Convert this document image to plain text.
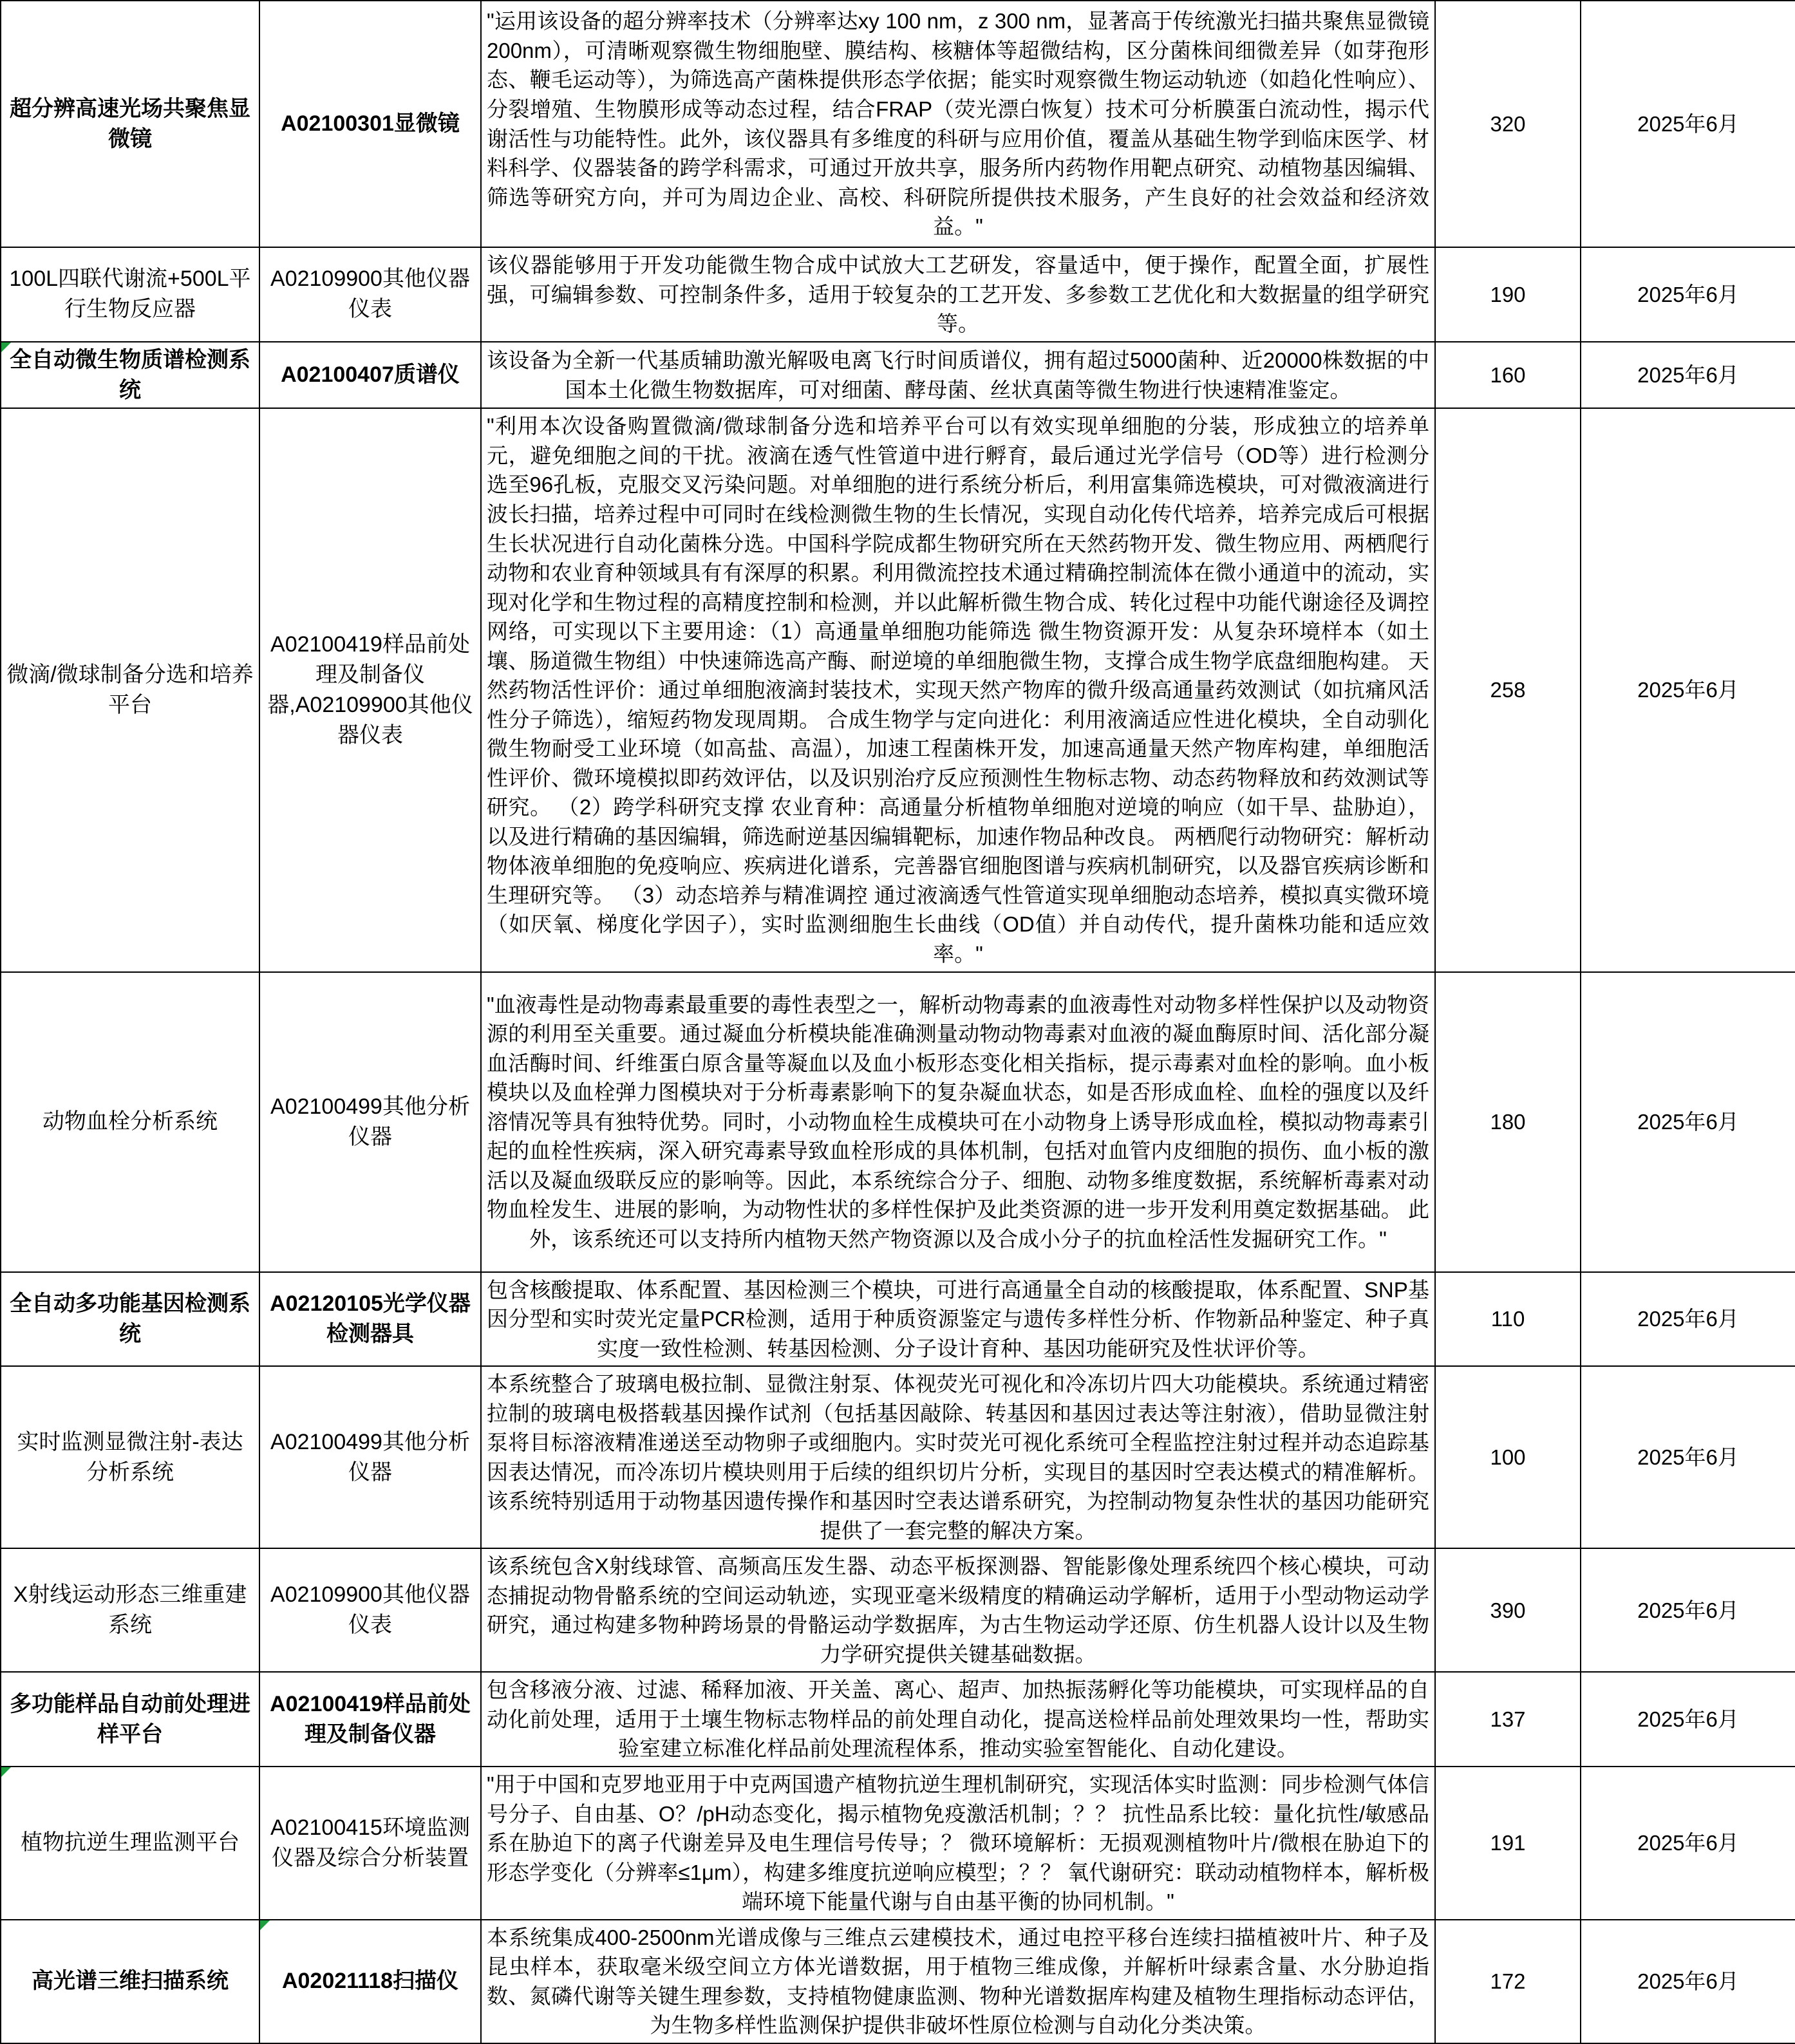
超分辨高速光场共聚焦显微镜	A02100301显微镜	"运用该设备的超分辨率技术（分辨率达xy 100 nm，z 300 nm，显著高于传统激光扫描共聚焦显微镜200nm），可清晰观察微生物细胞壁、膜结构、核糖体等超微结构，区分菌株间细微差异（如芽孢形态、鞭毛运动等），为筛选高产菌株提供形态学依据；能实时观察微生物运动轨迹（如趋化性响应）、分裂增殖、生物膜形成等动态过程，结合FRAP（荧光漂白恢复）技术可分析膜蛋白流动性，揭示代谢活性与功能特性。此外，该仪器具有多维度的科研与应用价值，覆盖从基础生物学到临床医学、材料科学、仪器装备的跨学科需求，可通过开放共享，服务所内药物作用靶点研究、动植物基因编辑、筛选等研究方向，并可为周边企业、高校、科研院所提供技术服务，产生良好的社会效益和经济效益。"	320	2025年6月
100L四联代谢流+500L平行生物反应器	A02109900其他仪器仪表	该仪器能够用于开发功能微生物合成中试放大工艺研发，容量适中，便于操作，配置全面，扩展性强，可编辑参数、可控制条件多，适用于较复杂的工艺开发、多参数工艺优化和大数据量的组学研究等。	190	2025年6月
全自动微生物质谱检测系统	A02100407质谱仪	该设备为全新一代基质辅助激光解吸电离飞行时间质谱仪，拥有超过5000菌种、近20000株数据的中国本土化微生物数据库，可对细菌、酵母菌、丝状真菌等微生物进行快速精准鉴定。	160	2025年6月
微滴/微球制备分选和培养平台	A02100419样品前处理及制备仪器,A02109900其他仪器仪表	"利用本次设备购置微滴/微球制备分选和培养平台可以有效实现单细胞的分装，形成独立的培养单元，避免细胞之间的干扰。液滴在透气性管道中进行孵育，最后通过光学信号（OD等）进行检测分选至96孔板，克服交叉污染问题。对单细胞的进行系统分析后，利用富集筛选模块，可对微液滴进行波长扫描，培养过程中可同时在线检测微生物的生长情况，实现自动化传代培养，培养完成后可根据生长状况进行自动化菌株分选。中国科学院成都生物研究所在天然药物开发、微生物应用、两栖爬行动物和农业育种领域具有有深厚的积累。利用微流控技术通过精确控制流体在微小通道中的流动，实现对化学和生物过程的高精度控制和检测，并以此解析微生物合成、转化过程中功能代谢途径及调控网络，可实现以下主要用途：（1）高通量单细胞功能筛选 微生物资源开发：从复杂环境样本（如土壤、肠道微生物组）中快速筛选高产酶、耐逆境的单细胞微生物，支撑合成生物学底盘细胞构建。 天然药物活性评价：通过单细胞液滴封装技术，实现天然产物库的微升级高通量药效测试（如抗痛风活性分子筛选），缩短药物发现周期。 合成生物学与定向进化：利用液滴适应性进化模块，全自动驯化微生物耐受工业环境（如高盐、高温），加速工程菌株开发，加速高通量天然产物库构建，单细胞活性评价、微环境模拟即药效评估，以及识别治疗反应预测性生物标志物、动态药物释放和药效测试等研究。 （2）跨学科研究支撑 农业育种：高通量分析植物单细胞对逆境的响应（如干旱、盐胁迫），以及进行精确的基因编辑，筛选耐逆基因编辑靶标，加速作物品种改良。 两栖爬行动物研究：解析动物体液单细胞的免疫响应、疾病进化谱系，完善器官细胞图谱与疾病机制研究，以及器官疾病诊断和生理研究等。 （3）动态培养与精准调控 通过液滴透气性管道实现单细胞动态培养，模拟真实微环境（如厌氧、梯度化学因子），实时监测细胞生长曲线（OD值）并自动传代，提升菌株功能和适应效率。"	258	2025年6月
动物血栓分析系统	A02100499其他分析仪器	"血液毒性是动物毒素最重要的毒性表型之一，解析动物毒素的血液毒性对动物多样性保护以及动物资源的利用至关重要。通过凝血分析模块能准确测量动物动物毒素对血液的凝血酶原时间、活化部分凝血活酶时间、纤维蛋白原含量等凝血以及血小板形态变化相关指标，提示毒素对血栓的影响。血小板模块以及血栓弹力图模块对于分析毒素影响下的复杂凝血状态，如是否形成血栓、血栓的强度以及纤溶情况等具有独特优势。同时，小动物血栓生成模块可在小动物身上诱导形成血栓，模拟动物毒素引起的血栓性疾病，深入研究毒素导致血栓形成的具体机制，包括对血管内皮细胞的损伤、血小板的激活以及凝血级联反应的影响等。因此，本系统综合分子、细胞、动物多维度数据，系统解析毒素对动物血栓发生、进展的影响，为动物性状的多样性保护及此类资源的进一步开发利用奠定数据基础。 此外，该系统还可以支持所内植物天然产物资源以及合成小分子的抗血栓活性发掘研究工作。"	180	2025年6月
全自动多功能基因检测系统	A02120105光学仪器检测器具	包含核酸提取、体系配置、基因检测三个模块，可进行高通量全自动的核酸提取，体系配置、SNP基因分型和实时荧光定量PCR检测，适用于种质资源鉴定与遗传多样性分析、作物新品种鉴定、种子真实度一致性检测、转基因检测、分子设计育种、基因功能研究及性状评价等。	110	2025年6月
实时监测显微注射-表达分析系统	A02100499其他分析仪器	本系统整合了玻璃电极拉制、显微注射泵、体视荧光可视化和冷冻切片四大功能模块。系统通过精密拉制的玻璃电极搭载基因操作试剂（包括基因敲除、转基因和基因过表达等注射液），借助显微注射泵将目标溶液精准递送至动物卵子或细胞内。实时荧光可视化系统可全程监控注射过程并动态追踪基因表达情况，而冷冻切片模块则用于后续的组织切片分析，实现目的基因时空表达模式的精准解析。该系统特别适用于动物基因遗传操作和基因时空表达谱系研究，为控制动物复杂性状的基因功能研究提供了一套完整的解决方案。	100	2025年6月
X射线运动形态三维重建系统	A02109900其他仪器仪表	该系统包含X射线球管、高频高压发生器、动态平板探测器、智能影像处理系统四个核心模块，可动态捕捉动物骨骼系统的空间运动轨迹，实现亚毫米级精度的精确运动学解析，适用于小型动物运动学研究，通过构建多物种跨场景的骨骼运动学数据库，为古生物运动学还原、仿生机器人设计以及生物力学研究提供关键基础数据。	390	2025年6月
多功能样品自动前处理进样平台	A02100419样品前处理及制备仪器	包含移液分液、过滤、稀释加液、开关盖、离心、超声、加热振荡孵化等功能模块，可实现样品的自动化前处理，适用于土壤生物标志物样品的前处理自动化，提高送检样品前处理效果均一性，帮助实验室建立标准化样品前处理流程体系，推动实验室智能化、自动化建设。	137	2025年6月
植物抗逆生理监测平台	A02100415环境监测仪器及综合分析装置	"用于中国和克罗地亚用于中克两国遗产植物抗逆生理机制研究，实现活体实时监测：同步检测气体信号分子、自由基、O？/pH动态变化，揭示植物免疫激活机制；？？ 抗性品系比较：量化抗性/敏感品系在胁迫下的离子代谢差异及电生理信号传导；？ 微环境解析：无损观测植物叶片/微根在胁迫下的形态学变化（分辨率≤1μm），构建多维度抗逆响应模型；？？ 氧代谢研究：联动动植物样本，解析极端环境下能量代谢与自由基平衡的协同机制。"	191	2025年6月
高光谱三维扫描系统	A02021118扫描仪	本系统集成400-2500nm光谱成像与三维点云建模技术，通过电控平移台连续扫描植被叶片、种子及昆虫样本，获取毫米级空间立方体光谱数据，用于植物三维成像，并解析叶绿素含量、水分胁迫指数、氮磷代谢等关键生理参数，支持植物健康监测、物种光谱数据库构建及植物生理指标动态评估，为生物多样性监测保护提供非破坏性原位检测与自动化分类决策。	172	2025年6月
